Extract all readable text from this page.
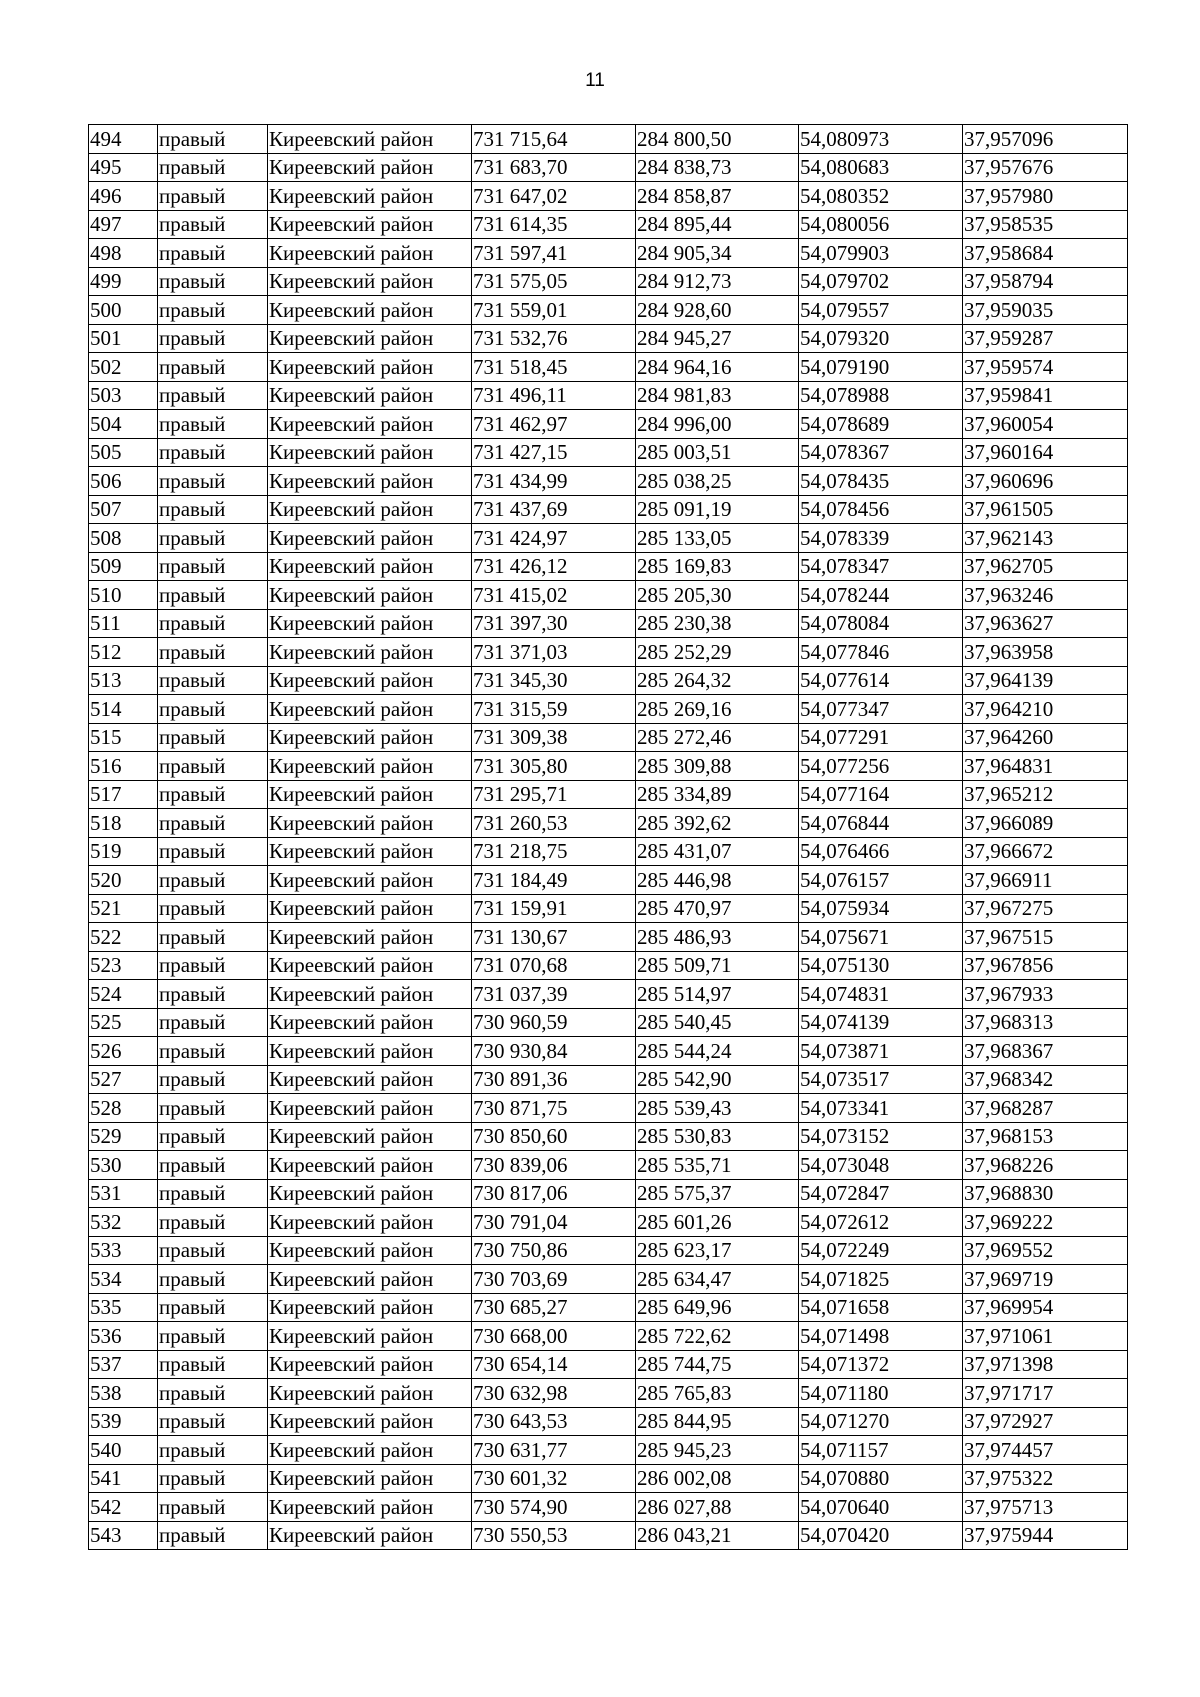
11
494	правый	Киреевский район	731 715,64	284 800,50	54,080973	37,957096
495	правый	Киреевский район	731 683,70	284 838,73	54,080683	37,957676
496	правый	Киреевский район	731 647,02	284 858,87	54,080352	37,957980
497	правый	Киреевский район	731 614,35	284 895,44	54,080056	37,958535
498	правый	Киреевский район	731 597,41	284 905,34	54,079903	37,958684
499	правый	Киреевский район	731 575,05	284 912,73	54,079702	37,958794
500	правый	Киреевский район	731 559,01	284 928,60	54,079557	37,959035
501	правый	Киреевский район	731 532,76	284 945,27	54,079320	37,959287
502	правый	Киреевский район	731 518,45	284 964,16	54,079190	37,959574
503	правый	Киреевский район	731 496,11	284 981,83	54,078988	37,959841
504	правый	Киреевский район	731 462,97	284 996,00	54,078689	37,960054
505	правый	Киреевский район	731 427,15	285 003,51	54,078367	37,960164
506	правый	Киреевский район	731 434,99	285 038,25	54,078435	37,960696
507	правый	Киреевский район	731 437,69	285 091,19	54,078456	37,961505
508	правый	Киреевский район	731 424,97	285 133,05	54,078339	37,962143
509	правый	Киреевский район	731 426,12	285 169,83	54,078347	37,962705
510	правый	Киреевский район	731 415,02	285 205,30	54,078244	37,963246
511	правый	Киреевский район	731 397,30	285 230,38	54,078084	37,963627
512	правый	Киреевский район	731 371,03	285 252,29	54,077846	37,963958
513	правый	Киреевский район	731 345,30	285 264,32	54,077614	37,964139
514	правый	Киреевский район	731 315,59	285 269,16	54,077347	37,964210
515	правый	Киреевский район	731 309,38	285 272,46	54,077291	37,964260
516	правый	Киреевский район	731 305,80	285 309,88	54,077256	37,964831
517	правый	Киреевский район	731 295,71	285 334,89	54,077164	37,965212
518	правый	Киреевский район	731 260,53	285 392,62	54,076844	37,966089
519	правый	Киреевский район	731 218,75	285 431,07	54,076466	37,966672
520	правый	Киреевский район	731 184,49	285 446,98	54,076157	37,966911
521	правый	Киреевский район	731 159,91	285 470,97	54,075934	37,967275
522	правый	Киреевский район	731 130,67	285 486,93	54,075671	37,967515
523	правый	Киреевский район	731 070,68	285 509,71	54,075130	37,967856
524	правый	Киреевский район	731 037,39	285 514,97	54,074831	37,967933
525	правый	Киреевский район	730 960,59	285 540,45	54,074139	37,968313
526	правый	Киреевский район	730 930,84	285 544,24	54,073871	37,968367
527	правый	Киреевский район	730 891,36	285 542,90	54,073517	37,968342
528	правый	Киреевский район	730 871,75	285 539,43	54,073341	37,968287
529	правый	Киреевский район	730 850,60	285 530,83	54,073152	37,968153
530	правый	Киреевский район	730 839,06	285 535,71	54,073048	37,968226
531	правый	Киреевский район	730 817,06	285 575,37	54,072847	37,968830
532	правый	Киреевский район	730 791,04	285 601,26	54,072612	37,969222
533	правый	Киреевский район	730 750,86	285 623,17	54,072249	37,969552
534	правый	Киреевский район	730 703,69	285 634,47	54,071825	37,969719
535	правый	Киреевский район	730 685,27	285 649,96	54,071658	37,969954
536	правый	Киреевский район	730 668,00	285 722,62	54,071498	37,971061
537	правый	Киреевский район	730 654,14	285 744,75	54,071372	37,971398
538	правый	Киреевский район	730 632,98	285 765,83	54,071180	37,971717
539	правый	Киреевский район	730 643,53	285 844,95	54,071270	37,972927
540	правый	Киреевский район	730 631,77	285 945,23	54,071157	37,974457
541	правый	Киреевский район	730 601,32	286 002,08	54,070880	37,975322
542	правый	Киреевский район	730 574,90	286 027,88	54,070640	37,975713
543	правый	Киреевский район	730 550,53	286 043,21	54,070420	37,975944
